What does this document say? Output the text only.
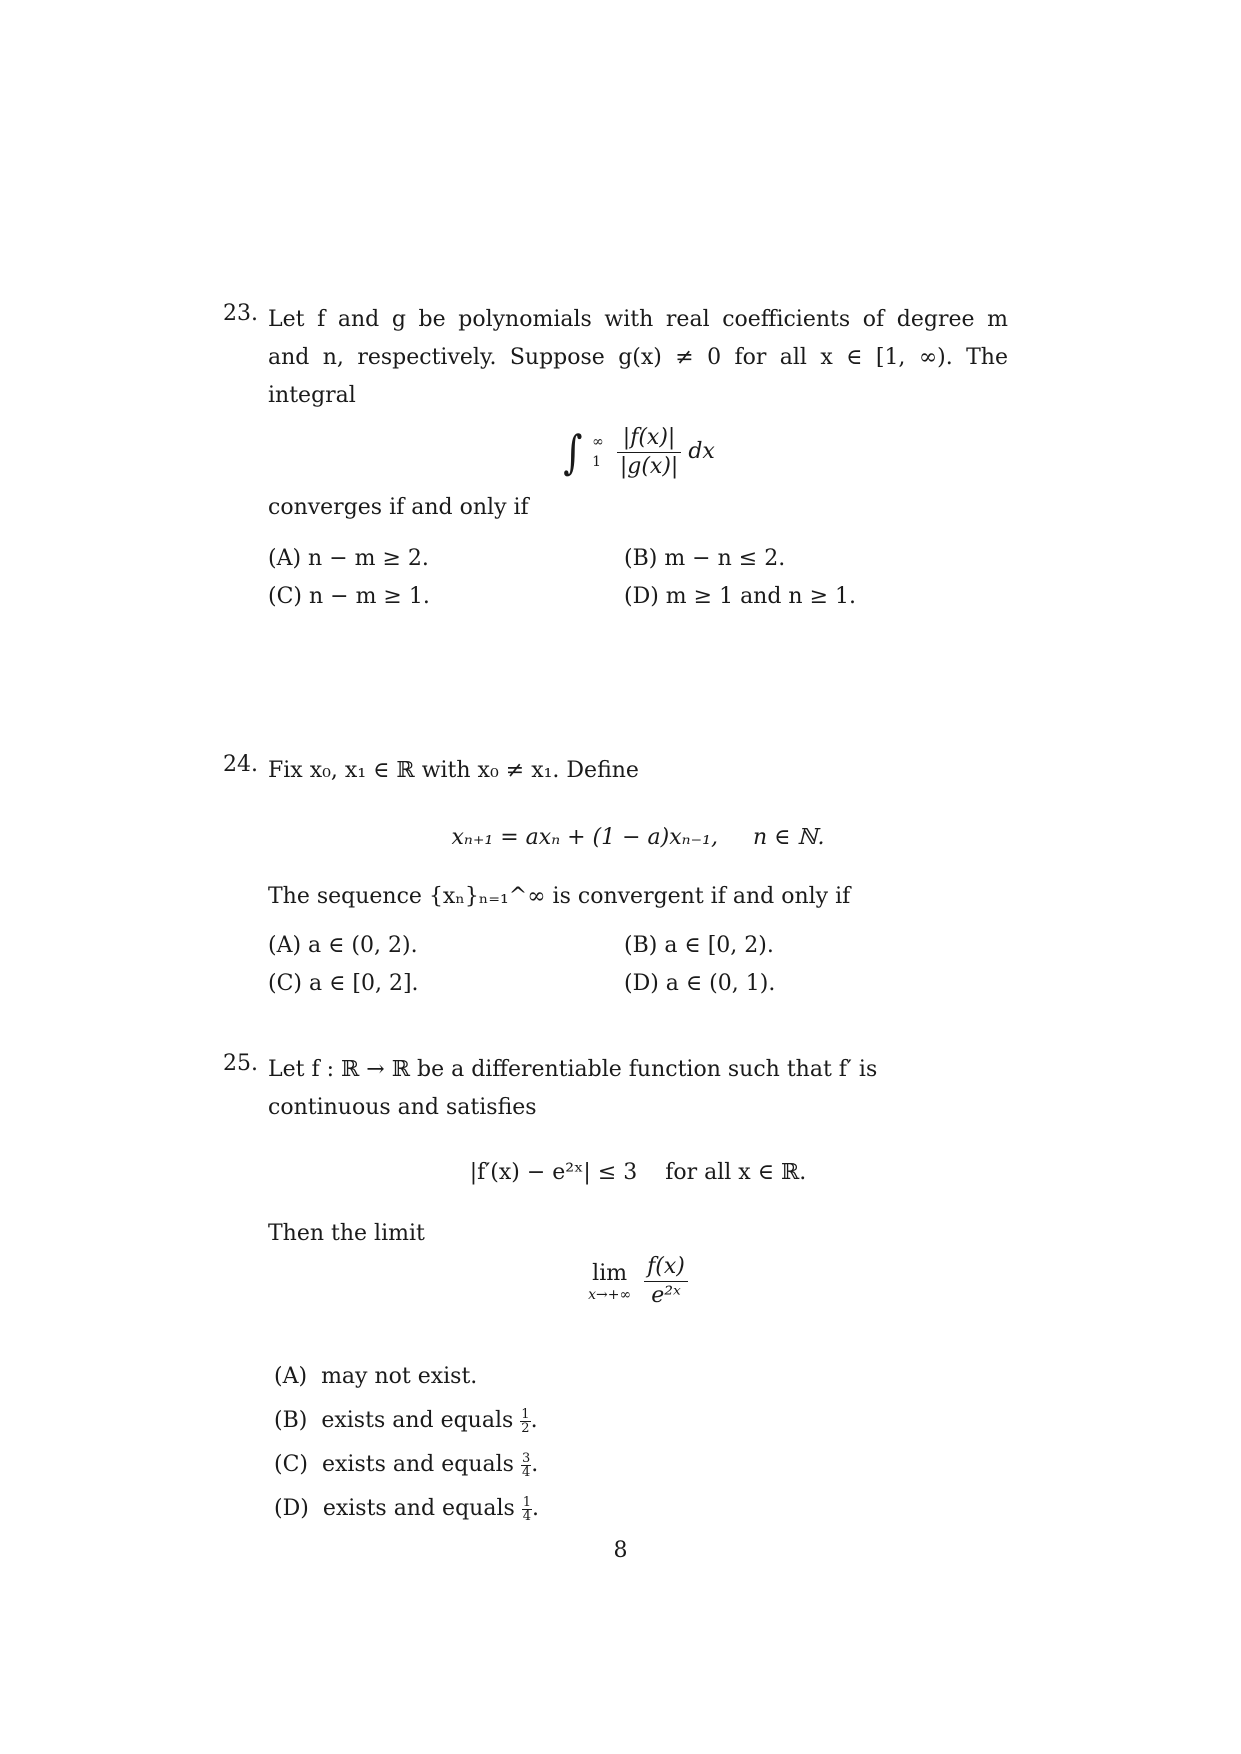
23. Let f and g be polynomials with real coefficients of degree m
and n, respectively. Suppose g(x) ≠ 0 for all x ∈ [1, ∞). The
integral
∫ ∞
1
$\frac{|f(x)|}{|g(x)|}$ dx
converges if and only if
(A) n − m ≥ 2.	(B) m − n ≤ 2.
(C) n − m ≥ 1.	(D) m ≥ 1 and n ≥ 1.
24. Fix x₀, x₁ ∈ ℝ with x₀ ≠ x₁. Define
xₙ₊₁ = axₙ + (1 − a)xₙ₋₁,     n ∈ ℕ.
The sequence {xₙ}ₙ₌₁^∞ is convergent if and only if
(A) a ∈ (0, 2).	(B) a ∈ [0, 2).
(C) a ∈ [0, 2].	(D) a ∈ (0, 1).
25. Let f : ℝ → ℝ be a differentiable function such that f′ is
continuous and satisfies
|f′(x) − e²ˣ| ≤ 3    for all x ∈ ℝ.
Then the limit
lim
x→+∞
$\frac{f(x)}{\text{e²ˣ}}$
(A) may not exist.
(B) exists and equals $\frac{1}{2}$ .
(C) exists and equals $\frac{3}{4}$ .
(D) exists and equals $\frac{1}{4}$ .
8
